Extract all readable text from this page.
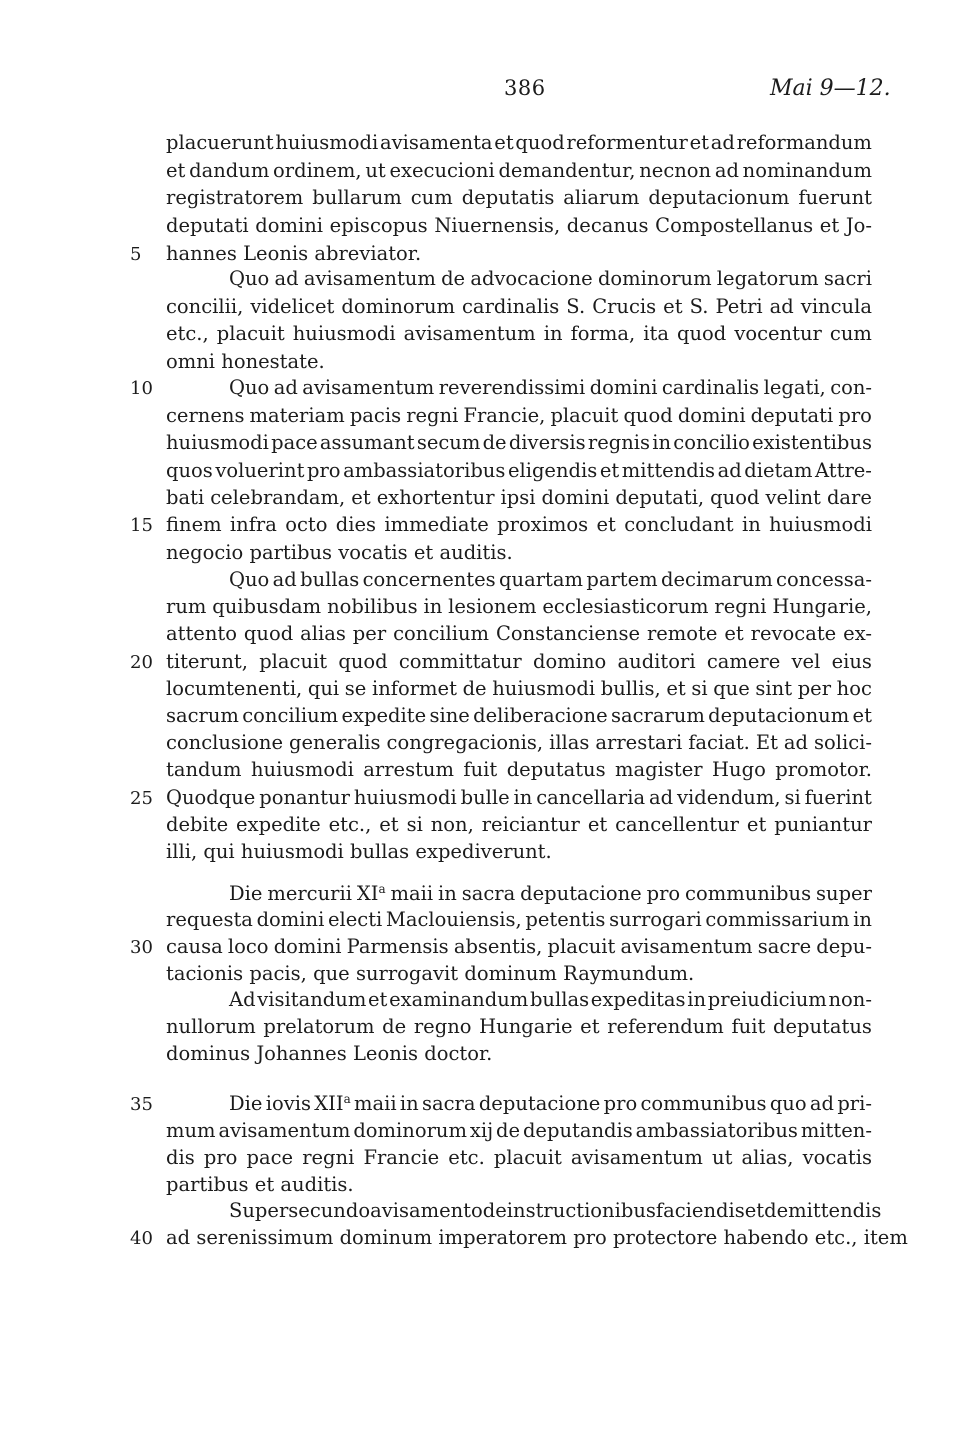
386	Mai 9—12.
placuerunt huiusmodi avisamenta et quod reformentur et ad reformandum
et dandum ordinem, ut execucioni demandentur, necnon ad nominandum
registratorem bullarum cum deputatis aliarum deputacionum fuerunt
deputati domini episcopus Niuernensis, decanus Compostellanus et Jo-
hannes Leonis abreviator.
Quo ad avisamentum de advocacione dominorum legatorum sacri
concilii, videlicet dominorum cardinalis S. Crucis et S. Petri ad vincula
etc., placuit huiusmodi avisamentum in forma, ita quod vocentur cum
omni honestate.
Quo ad avisamentum reverendissimi domini cardinalis legati, con-
cernens materiam pacis regni Francie, placuit quod domini deputati pro
huiusmodi pace assumant secum de diversis regnis in concilio existentibus
quos voluerint pro ambassiatoribus eligendis et mittendis ad dietam Attre-
bati celebrandam, et exhortentur ipsi domini deputati, quod velint dare
finem infra octo dies immediate proximos et concludant in huiusmodi
negocio partibus vocatis et auditis.
Quo ad bullas concernentes quartam partem decimarum concessa-
rum quibusdam nobilibus in lesionem ecclesiasticorum regni Hungarie,
attento quod alias per concilium Constanciense remote et revocate ex-
titerunt, placuit quod committatur domino auditori camere vel eius
locumtenenti, qui se informet de huiusmodi bullis, et si que sint per hoc
sacrum concilium expedite sine deliberacione sacrarum deputacionum et
conclusione generalis congregacionis, illas arrestari faciat. Et ad solici-
tandum huiusmodi arrestum fuit deputatus magister Hugo promotor.
Quodque ponantur huiusmodi bulle in cancellaria ad videndum, si fuerint
debite expedite etc., et si non, reiciantur et cancellentur et puniantur
illi, qui huiusmodi bullas expediverunt.
Die mercurii $XI^a$ maii in sacra deputacione pro communibus super
requesta domini electi Maclouiensis, petentis surrogari commissarium in
causa loco domini Parmensis absentis, placuit avisamentum sacre depu-
tacionis pacis, que surrogavit dominum Raymundum.
Ad visitandum et examinandum bullas expeditas in preiudicium non-
nullorum prelatorum de regno Hungarie et referendum fuit deputatus
dominus Johannes Leonis doctor.
Die iovis XII$^a$ maii in sacra deputacione pro communibus quo ad pri-
mum avisamentum dominorum xij de deputandis ambassiatoribus mitten-
dis pro pace regni Francie etc. placuit avisamentum ut alias, vocatis
partibus et auditis.
Super secundo avisamento de instructionibus faciendis et de mittendis
ad serenissimum dominum imperatorem pro protectore habendo etc., item
5
10
15
20
25
30
35
40
